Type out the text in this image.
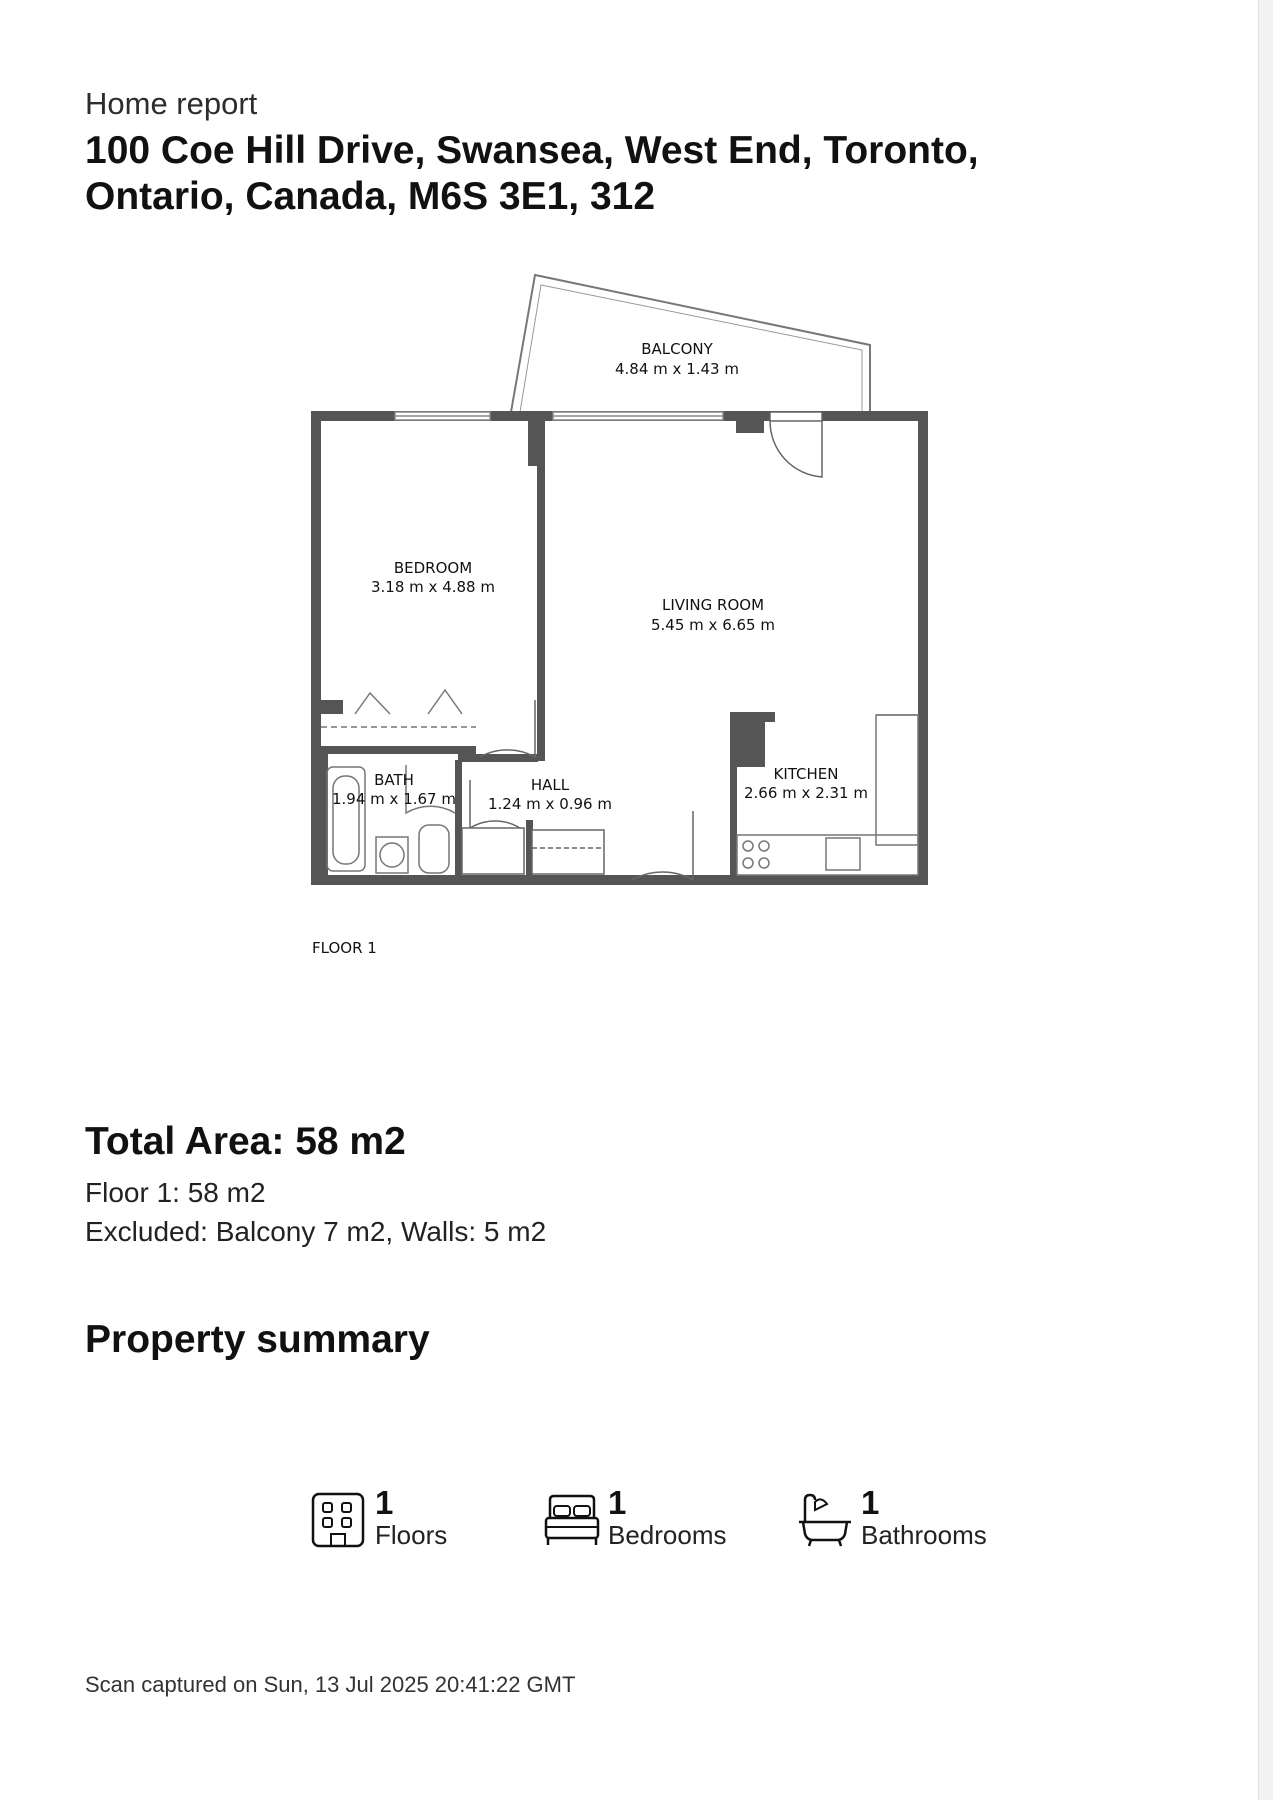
Home report
100 Coe Hill Drive, Swansea, West End, Toronto, Ontario, Canada, M6S 3E1, 312
BALCONY
4.84 m x 1.43 m
BEDROOM
3.18 m x 4.88 m
LIVING ROOM
5.45 m x 6.65 m
KITCHEN
2.66 m x 2.31 m
BATH
1.94 m x 1.67 m
HALL
1.24 m x 0.96 m
FLOOR 1
Total Area: 58 m2
Floor 1: 58 m2
Excluded: Balcony 7 m2, Walls: 5 m2
Property summary
1
Floors
1
Bedrooms
1
Bathrooms
Scan captured on Sun, 13 Jul 2025 20:41:22 GMT
